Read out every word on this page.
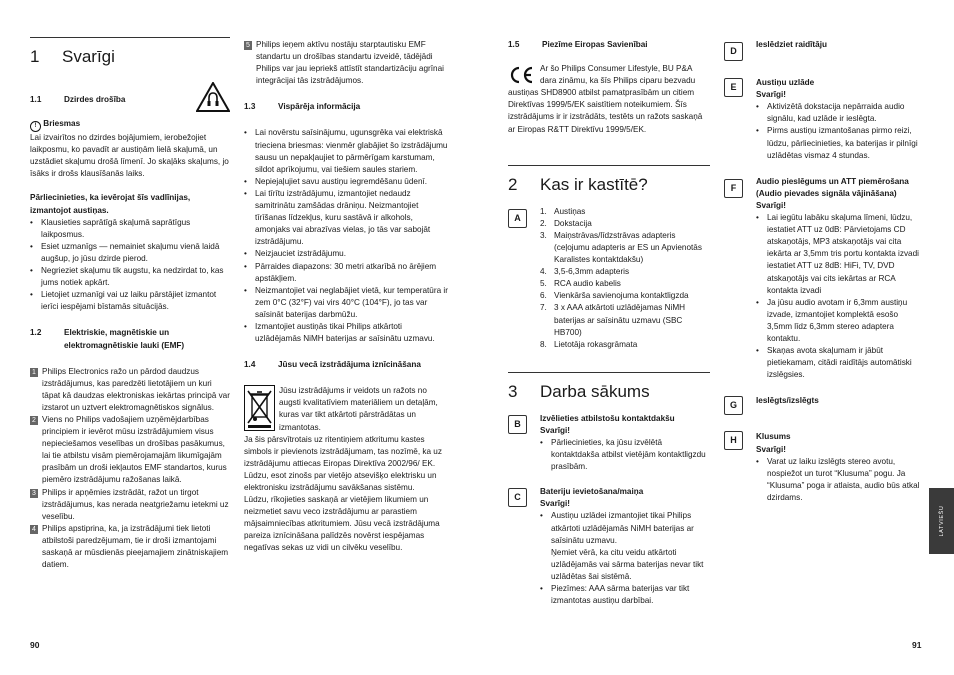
1 Svarīgi
1.1	Dzirdes drošība
! Briesmas

Lai izvairītos no dzirdes bojājumiem, ierobežojiet laikposmu, ko pavadīt ar austiņām lielā skaļumā, un uzstādiet skaļumu drošā līmenī. Jo skaļāks skaļums, jo īsāks ir drošs klausīšanās laiks.

Pārliecinieties, ka ievērojat šīs vadlīnijas, izmantojot austiņas.

• Klausieties saprātīgā skaļumā saprātīgus laikposmus.
• Esiet uzmanīgs — nemainiet skaļumu vienā laidā augšup, jo jūsu dzirde pierod.
• Negrieziet skaļumu tik augstu, ka nedzirdat to, kas jums notiek apkārt.
• Lietojiet uzmanīgi vai uz laiku pārstājiet izmantot ierīci iespējami bīstamās situācijās.
1.2	Elektriskie, magnētiskie un elektromagnētiskie lauki (EMF)
1 Philips Electronics ražo un pārdod daudzus izstrādājumus, kas paredzēti lietotājiem un kuri tāpat kā daudzas elektroniskas iekārtas principā var izstarot un uztvert elektromagnētiskos signālus.
2 Viens no Philips vadošajiem uzņēmējdarbības principiem ir ievērot mūsu izstrādājumiem visus nepieciešamos veselības un drošības pasākumus, lai tie atbilstu visām piemērojamajām likumīgajām prasībām un droši iekļautos EMF standartos, kurus piemēro izstrādājumu ražošanas laikā.
3 Philips ir apņēmies izstrādāt, ražot un tirgot izstrādājumus, kas nerada neatgriežamu ietekmi uz veselību.
4 Philips apstiprina, ka, ja izstrādājumi tiek lietoti atbilstoši paredzējumam, tie ir droši izmantojami saskaņā ar mūsdienās pieejamajiem zinātniskajiem datiem.
5 Philips ieņem aktīvu nostāju starptautisku EMF standartu un drošības standartu izveidē, tādējādi Philips var jau iepriekš attīstīt standartizāciju agrīnai integrācijai tās izstrādājumos.
1.3	Vispārēja informācija
• Lai novērstu saīsinājumu, ugunsgrēka vai elektriskā trieciena briesmas: vienmēr glabājiet šo izstrādājumu sausu un nepakļaujiet to pārmērīgam karstumam, sildot aprīkojumu, vai tiešiem saules stariem.
• Nepiejaļujiet savu austiņu iegremdēšanu ūdenī.
• Lai tīrītu izstrādājumu, izmantojiet nedaudz samitrinātu zamšādas drāniņu. Neizmantojiet tīrīšanas līdzekļus, kuru sastāvā ir alkohols, amonjaks vai abrazīvas vielas, jo tās var sabojāt izstrādājumu.
• Neizjauciet izstrādājumu.
• Pārraides diapazons: 30 metri atkarībā no ārējiem apstākļiem.
• Neizmantojiet vai neglabājiet vietā, kur temperatūra ir zem 0°C (32°F) vai virs 40°C (104°F), jo tas var saīsināt baterijas darbmūžu.
• Izmantojiet austiņās tikai Philips atkārtoti uzlādējamās NiMH baterijas ar saīsinātu uzmavu.
1.4	Jūsu vecā izstrādājuma iznīcināšana

Jūsu izstrādājums ir veidots un ražots no augsti kvalitatīviem materiāliem un detaļām, kuras var tikt atkārtoti pārstrādātas un izmantotas.

Ja šis pārsvītrotais uz ritentiņiem atkritumu kastes simbols ir pievienots izstrādājumam, tas nozīmē, ka uz izstrādājumu attiecas Eiropas Direktīva 2002/96/ EK. Lūdzu, esot zinošs par vietējo atsevišķo elektrisku un elektronisku izstrādājumu savākšanas sistēmu.

Lūdzu, rīkojieties saskaņā ar vietējiem likumiem un neizmetiet savu veco izstrādājumu ar parastiem mājsaimniecības atkritumiem. Jūsu vecā izstrādājuma pareiza iznīcināšana palīdzēs novērst iespējamas negatīvas sekas uz vidi un cilvēku veselību.

90
1.5	Piezīme Eiropas Savienībai

Ar šo Philips Consumer Lifestyle, BU P&A dara zināmu, ka šīs Philips ciparu bezvadu austiņas SHD8900 atbilst pamatprasībām un citiem Direktīvas 1999/5/EK saistītiem noteikumiem. Šīs izstrādājums ir ir izstrādāts, testēts un ražots saskaņā ar Eiropas R&TT Direktīvu 1999/5/EK.

2 Kas ir kastītē?
A
1. Austiņas
2. Dokstacija
3. Maiņstrāvas/līdzstrāvas adapteris (ceļojumu adapteris ar ES un Apvienotās Karalistes kontaktdakšu)
4. 3,5-6,3mm adapteris
5. RCA audio kabelis
6. Vienkārša savienojuma kontaktligzda
7. 3 x AAA atkārtoti uzlādējamas NiMH baterijas ar saīsinātu uzmavu (SBC HB700)
8. Lietotāja rokasgrāmata
3 Darba sākums
B

Izvēlieties atbilstošu kontaktdakšu

Svarīgi!

• Pārliecinieties, ka jūsu izvēlētā kontaktdakša atbilst vietējām kontaktligzdu prasībām.
C

Bateriju ievietošana/maiņa

Svarīgi!

• Austiņu uzlādei izmantojiet tikai Philips atkārtoti uzlādējamās NiMH baterijas ar saīsinātu uzmavu.
Ņemiet vērā, ka citu veidu atkārtoti uzlādējamās vai sārma baterijas nevar tikt uzlādētas šai sistēmā.
• Piezīmes: AAA sārma baterijas var tikt izmantotas austiņu darbībai.
D

Ieslēdziet raidītāju

E	Austiņu uzlāde

Svarīgi!

• Aktivizētā dokstacija nepārraida audio signālu, kad uzlāde ir ieslēgta.
• Pirms austiņu izmantošanas pirmo reizi, lūdzu, pārliecinieties, ka baterijas ir pilnīgi uzlādētas vismaz 4 stundas.
F

Audio pieslēgums un ATT piemērošana (Audio pievades signāla vājināšana)

Svarīgi!

• Lai iegūtu labāku skaļuma līmeni, lūdzu, iestatiet ATT uz 0dB: Pārvietojams CD atskaņotājs, MP3 atskaņotājs vai cita iekārta ar 3,5mm tris portu kontakta izvadi iestatiet ATT uz 8dB: HiFi, TV, DVD atskaņotājs vai cits iekārtas ar RCA kontakta izvadi
• Ja jūsu audio avotam ir 6,3mm austiņu izvade, izmantojiet komplektā esošo 3,5mm līdz 6,3mm stereo adaptera kontaktu.
• Skaņas avota skaļumam ir jābūt pietiekamam, citādi raidītājs automātiski izslēgsies.
G	Ieslēgts/izslēgts

H	Klusums

Svarīgi!

• Varat uz laiku izslēgts stereo avotu, nospiežot un turot “Klusuma” pogu. Ja “Klusuma” poga ir atlaista, audio būs atkal dzirdams.
LATVIEŠU
91
